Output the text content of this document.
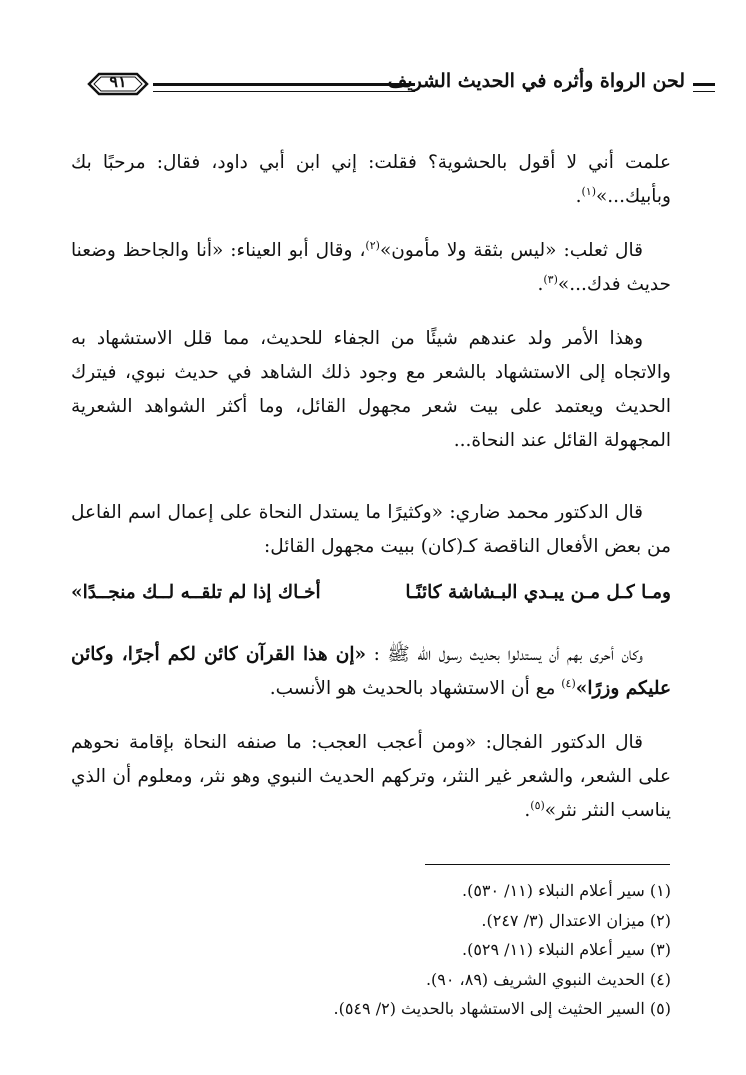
لحن الرواة وأثره في الحديث الشريف
٩١
علمت أني لا أقول بالحشوية؟ فقلت: إني ابن أبي داود، فقال: مرحبًا بك وبأبيك...»$^{(١)}$.
قال ثعلب: «ليس بثقة ولا مأمون»$^{(٢)}$، وقال أبو العيناء: «أنا والجاحظ وضعنا حديث فدك...»$^{(٣)}$.
وهذا الأمر ولد عندهم شيئًا من الجفاء للحديث، مما قلل الاستشهاد به والاتجاه إلى الاستشهاد بالشعر مع وجود ذلك الشاهد في حديث نبوي، فيترك الحديث ويعتمد على بيت شعر مجهول القائل، وما أكثر الشواهد الشعرية المجهولة القائل عند النحاة...
قال الدكتور محمد ضاري: «وكثيرًا ما يستدل النحاة على إعمال اسم الفاعل من بعض الأفعال الناقصة كـ(كان) ببيت مجهول القائل:
ومـا كـل مـن يبـدي البـشاشة كائنًـا
أخـاك إذا لم تلقــه لــك منجــدًا»
وكان أحرى بهم أن يستدلوا بحديث رسول الله ﷺ : «إن هذا القرآن كائن لكم أجرًا، وكائن عليكم وزرًا»$^{(٤)}$ مع أن الاستشهاد بالحديث هو الأنسب.
قال الدكتور الفجال: «ومن أعجب العجب: ما صنفه النحاة بإقامة نحوهم على الشعر، والشعر غير النثر، وتركهم الحديث النبوي وهو نثر، ومعلوم أن الذي يناسب النثر نثر»$^{(٥)}$.
(١) سير أعلام النبلاء (١١/ ٥٣٠).
(٢) ميزان الاعتدال (٣/ ٢٤٧).
(٣) سير أعلام النبلاء (١١/ ٥٢٩).
(٤) الحديث النبوي الشريف (٨٩، ٩٠).
(٥) السير الحثيث إلى الاستشهاد بالحديث (٢/ ٥٤٩).
